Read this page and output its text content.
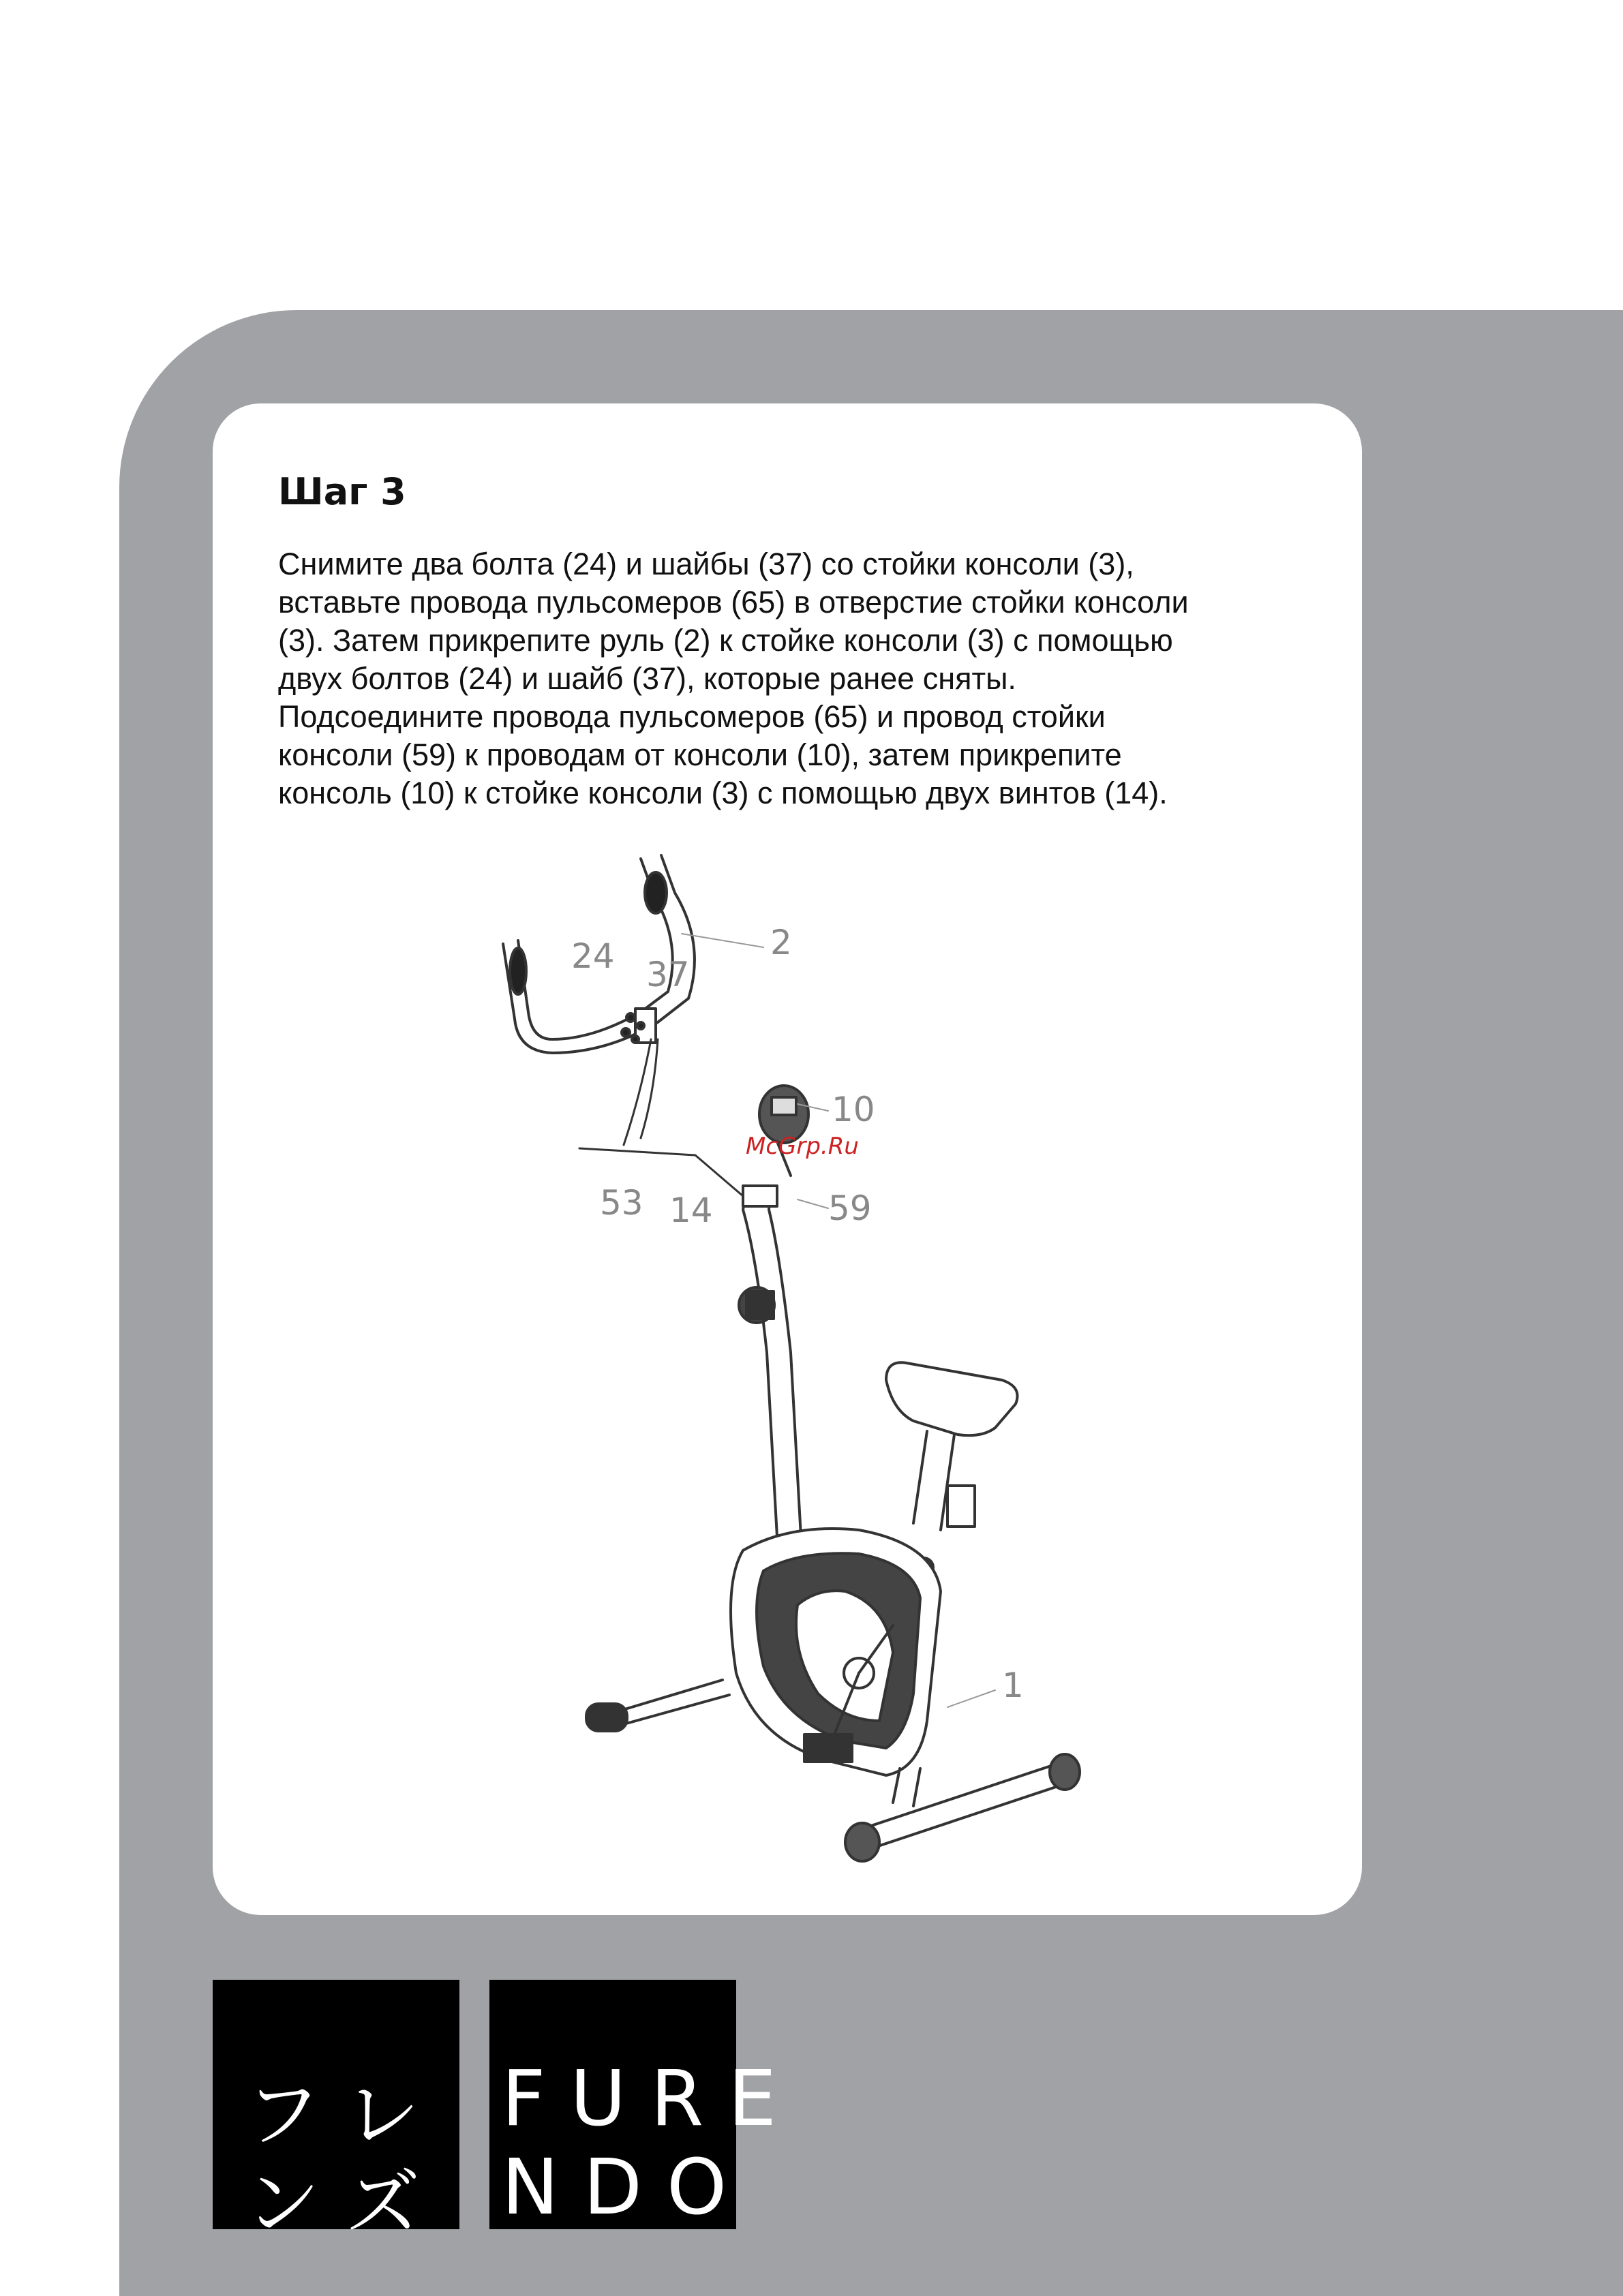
Шаг 3
Снимите два болта (24) и шайбы (37) со стойки консоли (3),
вставьте провода пульсомеров (65) в отверстие стойки консоли
(3). Затем прикрепите руль (2) к стойке консоли (3) с помощью
двух болтов (24) и шайб (37), которые ранее сняты.
Подсоедините провода пульсомеров (65) и провод стойки
консоли (59) к проводам от консоли (10), затем прикрепите
консоль (10) к стойке консоли (3) с помощью двух винтов (14).
2
24 37
10
59
53 14
1
McGrp.Ru
フレ
ンズ
FURE
NDO
